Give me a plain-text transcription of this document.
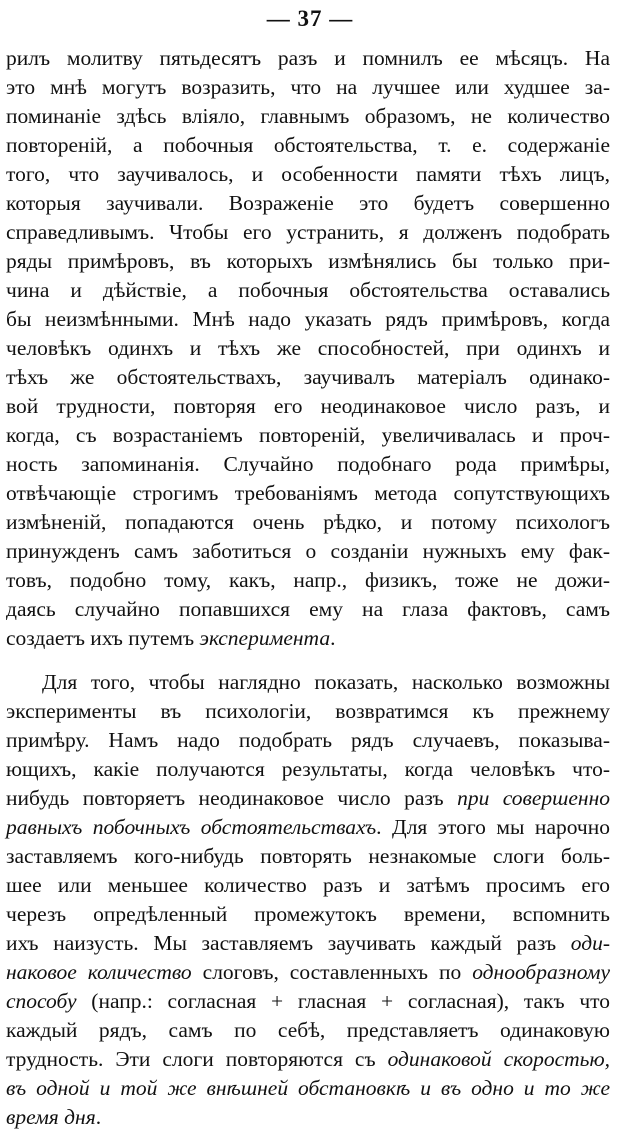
— 37 —
рилъ молитву пятьдесятъ разъ и помнилъ ее мѣсяцъ. На
это мнѣ могутъ возразить, что на лучшее или худшее за-
поминаніе здѣсь вліяло, главнымъ образомъ, не количество
повтореній, а побочныя обстоятельства, т. е. содержаніе
того, что заучивалось, и особенности памяти тѣхъ лицъ,
которыя заучивали. Возраженіе это будетъ совершенно
справедливымъ. Чтобы его устранить, я долженъ подобрать
ряды примѣровъ, въ которыхъ измѣнялись бы только при-
чина и дѣйствіе, а побочныя обстоятельства оставались
бы неизмѣнными. Мнѣ надо указать рядъ примѣровъ, когда
человѣкъ одинхъ и тѣхъ же способностей, при одинхъ и
тѣхъ же обстоятельствахъ, заучивалъ матеріалъ одинако-
вой трудности, повторяя его неодинаковое число разъ, и
когда, съ возрастаніемъ повтореній, увеличивалась и проч-
ность запоминанія. Случайно подобнаго рода примѣры,
отвѣчающіе строгимъ требованіямъ метода сопутствующихъ
измѣненій, попадаются очень рѣдко, и потому психологъ
принужденъ самъ заботиться о созданіи нужныхъ ему фак-
товъ, подобно тому, какъ, напр., физикъ, тоже не дожи-
даясь случайно попавшихся ему на глаза фактовъ, самъ
создаетъ ихъ путемъ эксперимента.
Для того, чтобы наглядно показать, насколько возможны
эксперименты въ психологіи, возвратимся къ прежнему
примѣру. Намъ надо подобрать рядъ случаевъ, показыва-
ющихъ, какіе получаются результаты, когда человѣкъ что-
нибудь повторяетъ неодинаковое число разъ при совершенно
равныхъ побочныхъ обстоятельствахъ. Для этого мы нарочно
заставляемъ кого-нибудь повторять незнакомые слоги боль-
шее или меньшее количество разъ и затѣмъ просимъ его
черезъ опредѣленный промежутокъ времени, вспомнить
ихъ наизусть. Мы заставляемъ заучивать каждый разъ оди-
наковое количество слоговъ, составленныхъ по однообразному
способу (напр.: согласная + гласная + согласная), такъ что
каждый рядъ, самъ по себѣ, представляетъ одинаковую
трудность. Эти слоги повторяются съ одинаковой скоростью,
въ одной и той же внѣшней обстановкѣ и въ одно и то же
время дня.
